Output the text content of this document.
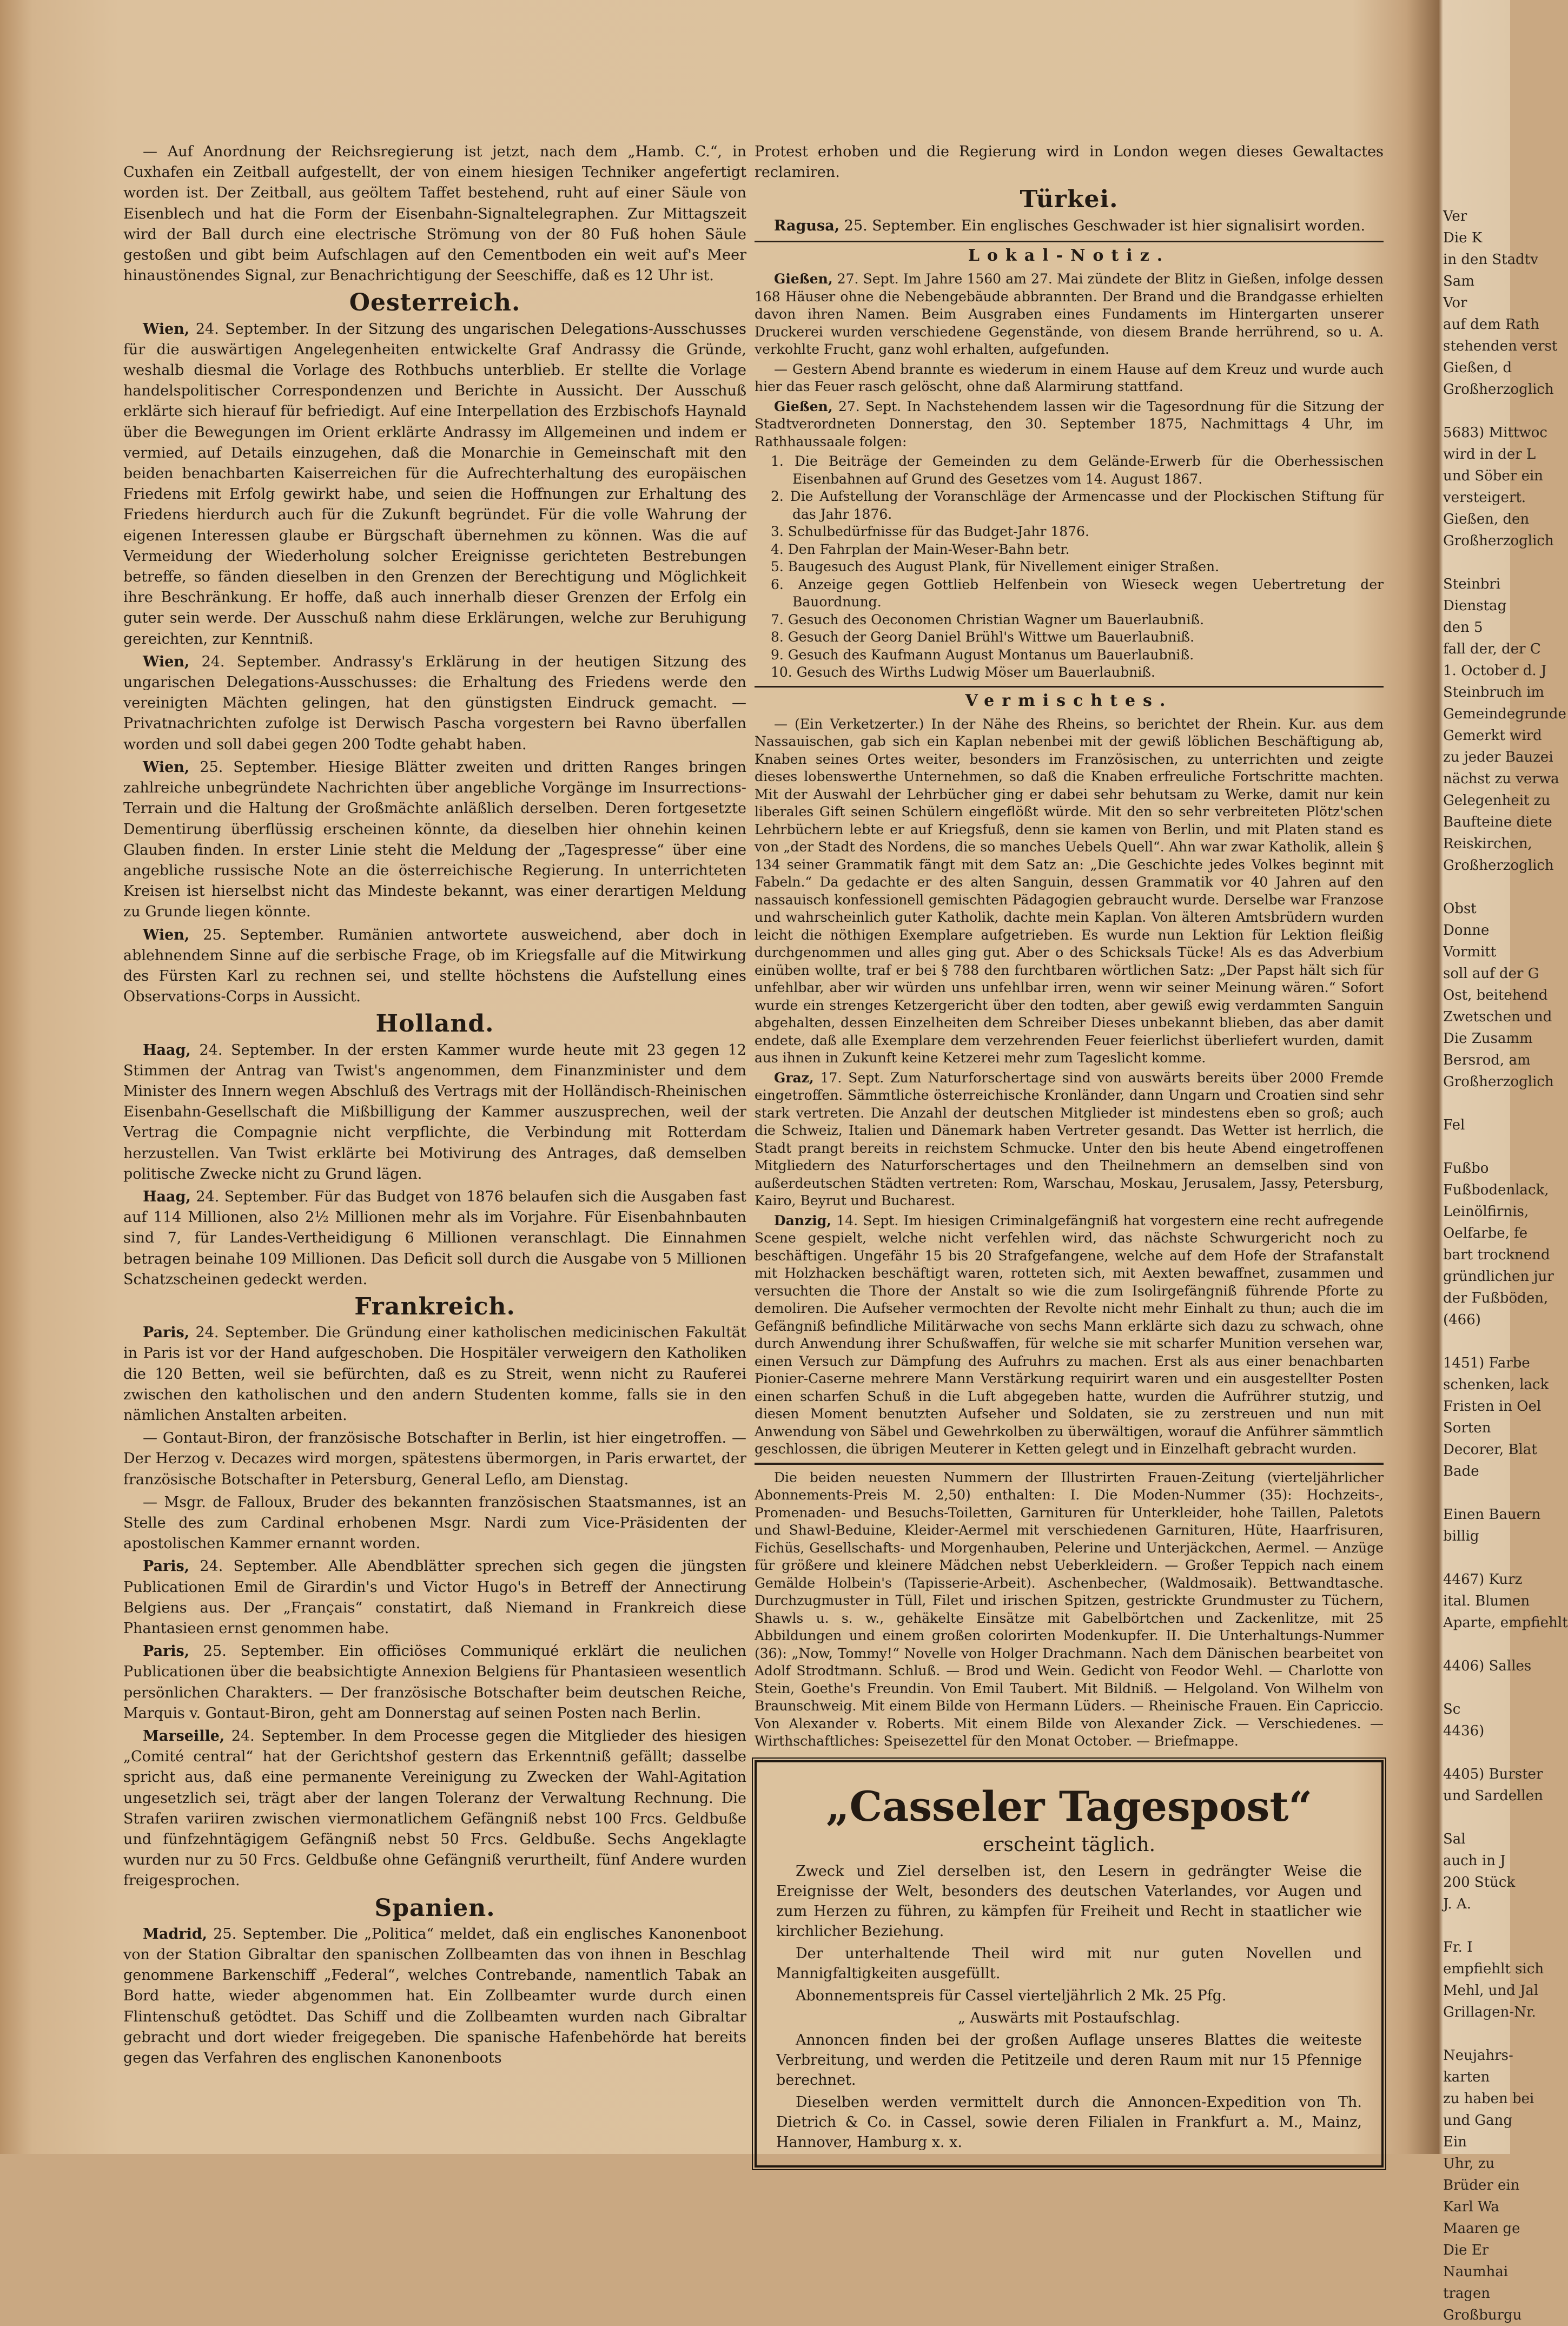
— Auf Anordnung der Reichsregierung ist jetzt, nach dem „Hamb. C.“, in Cuxhafen ein Zeitball aufgestellt, der von einem hiesigen Techniker angefertigt worden ist. Der Zeitball, aus geöltem Taffet bestehend, ruht auf einer Säule von Eisenblech und hat die Form der Eisenbahn-Signaltelegraphen. Zur Mittagszeit wird der Ball durch eine electrische Strömung von der 80 Fuß hohen Säule gestoßen und gibt beim Aufschlagen auf den Cementboden ein weit auf's Meer hinaustönendes Signal, zur Benachrichtigung der Seeschiffe, daß es 12 Uhr ist.

Oesterreich.

Wien, 24. September. In der Sitzung des ungarischen Delegations-Ausschusses für die auswärtigen Angelegenheiten entwickelte Graf Andrassy die Gründe, weshalb diesmal die Vorlage des Rothbuchs unterblieb. Er stellte die Vorlage handelspolitischer Correspondenzen und Berichte in Aussicht. Der Ausschuß erklärte sich hierauf für befriedigt. Auf eine Interpellation des Erzbischofs Haynald über die Bewegungen im Orient erklärte Andrassy im Allgemeinen und indem er vermied, auf Details einzugehen, daß die Monarchie in Gemeinschaft mit den beiden benachbarten Kaiserreichen für die Aufrechterhaltung des europäischen Friedens mit Erfolg gewirkt habe, und seien die Hoffnungen zur Erhaltung des Friedens hierdurch auch für die Zukunft begründet. Für die volle Wahrung der eigenen Interessen glaube er Bürgschaft übernehmen zu können. Was die auf Vermeidung der Wiederholung solcher Ereignisse gerichteten Bestrebungen betreffe, so fänden dieselben in den Grenzen der Berechtigung und Möglichkeit ihre Beschränkung. Er hoffe, daß auch innerhalb dieser Grenzen der Erfolg ein guter sein werde. Der Ausschuß nahm diese Erklärungen, welche zur Beruhigung gereichten, zur Kenntniß.

Wien, 24. September. Andrassy's Erklärung in der heutigen Sitzung des ungarischen Delegations-Ausschusses: die Erhaltung des Friedens werde den vereinigten Mächten gelingen, hat den günstigsten Eindruck gemacht. — Privatnachrichten zufolge ist Derwisch Pascha vorgestern bei Ravno überfallen worden und soll dabei gegen 200 Todte gehabt haben.

Wien, 25. September. Hiesige Blätter zweiten und dritten Ranges bringen zahlreiche unbegründete Nachrichten über angebliche Vorgänge im Insurrections-Terrain und die Haltung der Großmächte anläßlich derselben. Deren fortgesetzte Dementirung überflüssig erscheinen könnte, da dieselben hier ohnehin keinen Glauben finden. In erster Linie steht die Meldung der „Tagespresse“ über eine angebliche russische Note an die österreichische Regierung. In unterrichteten Kreisen ist hierselbst nicht das Mindeste bekannt, was einer derartigen Meldung zu Grunde liegen könnte.

Wien, 25. September. Rumänien antwortete ausweichend, aber doch in ablehnendem Sinne auf die serbische Frage, ob im Kriegsfalle auf die Mitwirkung des Fürsten Karl zu rechnen sei, und stellte höchstens die Aufstellung eines Observations-Corps in Aussicht.

Holland.

Haag, 24. September. In der ersten Kammer wurde heute mit 23 gegen 12 Stimmen der Antrag van Twist's angenommen, dem Finanzminister und dem Minister des Innern wegen Abschluß des Vertrags mit der Holländisch-Rheinischen Eisenbahn-Gesellschaft die Mißbilligung der Kammer auszusprechen, weil der Vertrag die Compagnie nicht verpflichte, die Verbindung mit Rotterdam herzustellen. Van Twist erklärte bei Motivirung des Antrages, daß demselben politische Zwecke nicht zu Grund lägen.

Haag, 24. September. Für das Budget von 1876 belaufen sich die Ausgaben fast auf 114 Millionen, also 2½ Millionen mehr als im Vorjahre. Für Eisenbahnbauten sind 7, für Landes-Vertheidigung 6 Millionen veranschlagt. Die Einnahmen betragen beinahe 109 Millionen. Das Deficit soll durch die Ausgabe von 5 Millionen Schatzscheinen gedeckt werden.

Frankreich.

Paris, 24. September. Die Gründung einer katholischen medicinischen Fakultät in Paris ist vor der Hand aufgeschoben. Die Hospitäler verweigern den Katholiken die 120 Betten, weil sie befürchten, daß es zu Streit, wenn nicht zu Raufereі zwischen den katholischen und den andern Studenten komme, falls sie in den nämlichen Anstalten arbeiten.

— Gontaut-Biron, der französische Botschafter in Berlin, ist hier eingetroffen. — Der Herzog v. Decazes wird morgen, spätestens übermorgen, in Paris erwartet, der französische Botschafter in Petersburg, General Leflo, am Dienstag.

— Msgr. de Falloux, Bruder des bekannten französischen Staatsmannes, ist an Stelle des zum Cardinal erhobenen Msgr. Nardi zum Vice-Präsidenten der apostolischen Kammer ernannt worden.

Paris, 24. September. Alle Abendblätter sprechen sich gegen die jüngsten Publicationen Emil de Girardin's und Victor Hugo's in Betreff der Annectirung Belgiens aus. Der „Français“ constatirt, daß Niemand in Frankreich diese Phantasieen ernst genommen habe.

Paris, 25. September. Ein officiöses Communiqué erklärt die neulichen Publicationen über die beabsichtigte Annexion Belgiens für Phantasieen wesentlich persönlichen Charakters. — Der französische Botschafter beim deutschen Reiche, Marquis v. Gontaut-Biron, geht am Donnerstag auf seinen Posten nach Berlin.

Marseille, 24. September. In dem Processe gegen die Mitglieder des hiesigen „Comité central“ hat der Gerichtshof gestern das Erkenntniß gefällt; dasselbe spricht aus, daß eine permanente Vereinigung zu Zwecken der Wahl-Agitation ungesetzlich sei, trägt aber der langen Toleranz der Verwaltung Rechnung. Die Strafen variiren zwischen viermonatlichem Gefängniß nebst 100 Frcs. Geldbuße und fünfzehntägigem Gefängniß nebst 50 Frcs. Geldbuße. Sechs Angeklagte wurden nur zu 50 Frcs. Geldbuße ohne Gefängniß verurtheilt, fünf Andere wurden freigesprochen.

Spanien.

Madrid, 25. September. Die „Politica“ meldet, daß ein englisches Kanonenboot von der Station Gibraltar den spanischen Zollbeamten das von ihnen in Beschlag genommene Barkenschiff „Federal“, welches Contrebande, namentlich Tabak an Bord hatte, wieder abgenommen hat. Ein Zollbeamter wurde durch einen Flintenschuß getödtet. Das Schiff und die Zollbeamten wurden nach Gibraltar gebracht und dort wieder freigegeben. Die spanische Hafenbehörde hat bereits gegen das Verfahren des englischen Kanonenboots

Protest erhoben und die Regierung wird in London wegen dieses Gewaltactes reclamiren.

Türkei.

Ragusa, 25. September. Ein englisches Geschwader ist hier signalisirt worden.

Lokal-Notiz.

Gießen, 27. Sept. Im Jahre 1560 am 27. Mai zündete der Blitz in Gießen, infolge dessen 168 Häuser ohne die Nebengebäude abbrannten. Der Brand und die Brandgasse erhielten davon ihren Namen. Beim Ausgraben eines Fundaments im Hintergarten unserer Druckerei wurden verschiedene Gegenstände, von diesem Brande herrührend, so u. A. verkohlte Frucht, ganz wohl erhalten, aufgefunden.

— Gestern Abend brannte es wiederum in einem Hause auf dem Kreuz und wurde auch hier das Feuer rasch gelöscht, ohne daß Alarmirung stattfand.

Gießen, 27. Sept. In Nachstehendem lassen wir die Tagesordnung für die Sitzung der Stadtverordneten Donnerstag, den 30. September 1875, Nachmittags 4 Uhr, im Rathhaussaale folgen:

1. Die Beiträge der Gemeinden zu dem Gelände-Erwerb für die Oberhessischen Eisenbahnen auf Grund des Gesetzes vom 14. August 1867.
2. Die Aufstellung der Voranschläge der Armencasse und der Plockischen Stiftung für das Jahr 1876.
3. Schulbedürfnisse für das Budget-Jahr 1876.
4. Den Fahrplan der Main-Weser-Bahn betr.
5. Baugesuch des August Plank, für Nivellement einiger Straßen.
6. Anzeige gegen Gottlieb Helfenbein von Wieseck wegen Uebertretung der Bauordnung.
7. Gesuch des Oeconomen Christian Wagner um Bauerlaubniß.
8. Gesuch der Georg Daniel Brühl's Wittwe um Bauerlaubniß.
9. Gesuch des Kaufmann August Montanus um Bauerlaubniß.
10. Gesuch des Wirths Ludwig Möser um Bauerlaubniß.
Vermischtes.

— (Ein Verketzerter.) In der Nähe des Rheins, so berichtet der Rhein. Kur. aus dem Nassauischen, gab sich ein Kaplan nebenbei mit der gewiß löblichen Beschäftigung ab, Knaben seines Ortes weiter, besonders im Französischen, zu unterrichten und zeigte dieses lobenswerthe Unternehmen, so daß die Knaben erfreuliche Fortschritte machten. Mit der Auswahl der Lehrbücher ging er dabei sehr behutsam zu Werke, damit nur kein liberales Gift seinen Schülern eingeflößt würde. Mit den so sehr verbreiteten Plötz'schen Lehrbüchern lebte er auf Kriegsfuß, denn sie kamen von Berlin, und mit Platen stand es von „der Stadt des Nordens, die so manches Uebels Quell“. Ahn war zwar Katholik, allein § 134 seiner Grammatik fängt mit dem Satz an: „Die Geschichte jedes Volkes beginnt mit Fabeln.“ Da gedachte er des alten Sanguin, dessen Grammatik vor 40 Jahren auf den nassauisch konfessionell gemischten Pädagogien gebraucht wurde. Derselbe war Franzose und wahrscheinlich guter Katholik, dachte mein Kaplan. Von älteren Amtsbrüdern wurden leicht die nöthigen Exemplare aufgetrieben. Es wurde nun Lektion für Lektion fleißig durchgenommen und alles ging gut. Aber o des Schicksals Tücke! Als es das Adverbium einüben wollte, traf er bei § 788 den furchtbaren wörtlichen Satz: „Der Papst hält sich für unfehlbar, aber wir würden uns unfehlbar irren, wenn wir seiner Meinung wären.“ Sofort wurde ein strenges Ketzergericht über den todten, aber gewiß ewig verdammten Sanguin abgehalten, dessen Einzelheiten dem Schreiber Dieses unbekannt blieben, das aber damit endete, daß alle Exemplare dem verzehrenden Feuer feierlichst überliefert wurden, damit aus ihnen in Zukunft keine Ketzerei mehr zum Tageslicht komme.

Graz, 17. Sept. Zum Naturforschertage sind von auswärts bereits über 2000 Fremde eingetroffen. Sämmtliche österreichische Kronländer, dann Ungarn und Croatien sind sehr stark vertreten. Die Anzahl der deutschen Mitglieder ist mindestens eben so groß; auch die Schweiz, Italien und Dänemark haben Vertreter gesandt. Das Wetter ist herrlich, die Stadt prangt bereits in reichstem Schmucke. Unter den bis heute Abend eingetroffenen Mitgliedern des Naturforschertages und den Theilnehmern an demselben sind von außerdeutschen Städten vertreten: Rom, Warschau, Moskau, Jerusalem, Jassy, Petersburg, Kairo, Beyrut und Bucharest.

Danzig, 14. Sept. Im hiesigen Criminalgefängniß hat vorgestern eine recht aufregende Scene gespielt, welche nicht verfehlen wird, das nächste Schwurgericht noch zu beschäftigen. Ungefähr 15 bis 20 Strafgefangene, welche auf dem Hofe der Strafanstalt mit Holzhacken beschäftigt waren, rotteten sich, mit Aexten bewaffnet, zusammen und versuchten die Thore der Anstalt so wie die zum Isolirgefängniß führende Pforte zu demoliren. Die Aufseher vermochten der Revolte nicht mehr Einhalt zu thun; auch die im Gefängniß befindliche Militärwache von sechs Mann erklärte sich dazu zu schwach, ohne durch Anwendung ihrer Schußwaffen, für welche sie mit scharfer Munition versehen war, einen Versuch zur Dämpfung des Aufruhrs zu machen. Erst als aus einer benachbarten Pionier-Caserne mehrere Mann Verstärkung requirirt waren und ein ausgestellter Posten einen scharfen Schuß in die Luft abgegeben hatte, wurden die Aufrührer stutzig, und diesen Moment benutzten Aufseher und Soldaten, sie zu zerstreuen und nun mit Anwendung von Säbel und Gewehrkolben zu überwältigen, worauf die Anführer sämmtlich geschlossen, die übrigen Meuterer in Ketten gelegt und in Einzelhaft gebracht wurden.

Die beiden neuesten Nummern der Illustrirten Frauen-Zeitung (vierteljährlicher Abonnements-Preis M. 2,50) enthalten: I. Die Moden-Nummer (35): Hochzeits-, Promenaden- und Besuchs-Toiletten, Garnituren für Unterkleider, hohe Taillen, Paletots und Shawl-Beduine, Kleider-Aermel mit verschiedenen Garnituren, Hüte, Haarfrisuren, Fichüs, Gesellschafts- und Morgenhauben, Pelerine und Unterjäckchen, Aermel. — Anzüge für größere und kleinere Mädchen nebst Ueberkleidern. — Großer Teppich nach einem Gemälde Holbein's (Tapisserie-Arbeit). Aschenbecher, (Waldmosaik). Bettwandtasche. Durchzugmuster in Tüll, Filet und irischen Spitzen, gestrickte Grundmuster zu Tüchern, Shawls u. s. w., gehäkelte Einsätze mit Gabelbörtchen und Zackenlitze, mit 25 Abbildungen und einem großen colorirten Modenkupfer. II. Die Unterhaltungs-Nummer (36): „Now, Tommy!“ Novelle von Holger Drachmann. Nach dem Dänischen bearbeitet von Adolf Strodtmann. Schluß. — Brod und Wein. Gedicht von Feodor Wehl. — Charlotte von Stein, Goethe's Freundin. Von Emil Taubert. Mit Bildniß. — Helgoland. Von Wilhelm von Braunschweig. Mit einem Bilde von Hermann Lüders. — Rheinische Frauen. Ein Capriccio. Von Alexander v. Roberts. Mit einem Bilde von Alexander Zick. — Verschiedenes. — Wirthschaftliches: Speisezettel für den Monat October. — Briefmappe.

„Casseler Tagespost“
erscheint täglich.

Zweck und Ziel derselben ist, den Lesern in gedrängter Weise die Ereignisse der Welt, besonders des deutschen Vaterlandes, vor Augen und zum Herzen zu führen, zu kämpfen für Freiheit und Recht in staatlicher wie kirchlicher Beziehung.

Der unterhaltende Theil wird mit nur guten Novellen und Mannigfaltigkeiten ausgefüllt.

Abonnementspreis für Cassel vierteljährlich 2 Mk. 25 Pfg.

„ Auswärts mit Postaufschlag.

Annoncen finden bei der großen Auflage unseres Blattes die weiteste Verbreitung, und werden die Petitzeile und deren Raum mit nur 15 Pfennige berechnet.

Dieselben werden vermittelt durch die Annoncen-Expedition von Th. Dietrich & Co. in Cassel, sowie deren Filialen in Frankfurt a. M., Mainz, Hannover, Hamburg x. x.

Ver
Die K
in den Stadtv
Sam
Vor
auf dem Rath
stehenden verst
Gießen, d
Großherzoglich

5683) Mittwoc
wird in der L
und Söber ein
versteigert.
Gießen, den
Großherzoglich

Steinbri
Dienstag
den 5
fall der, der C
1. October d. J
Steinbruch im
Gemeindegrunde
Gemerkt wird
zu jeder Bauzei
nächst zu verwa
Gelegenheit zu
Baufteine diete
Reiskirchen,
Großherzoglich

Obst
Donne
Vormitt
soll auf der G
Ost, beitehend
Zwetschen und
Die Zusamm
Bersrod, am
Großherzoglich

Fel

Fußbo
Fußbodenlack,
Leinölfirnis,
Oelfarbe, fe
bart trocknend
gründlichen jur
der Fußböden,
(466)

1451) Farbe
schenken, lack
Fristen in Oel
Sorten
Decorer, Blat
Bade

Einen Bauern
billig

4467) Kurz
ital. Blumen
Aparte, empfiehlt

4406) Salles

Sc
4436)

4405) Burster
und Sardellen

Sal
auch in J
200 Stück
J. A.

Fr. I
empfiehlt sich
Mehl, und Jal
Grillagen-Nr.

Neujahrs-
karten
zu haben bei
und Gang
Ein
Uhr, zu
Brüder ein
Karl Wa
Maaren ge
Die Er
Naumhai
tragen
Großburgu
